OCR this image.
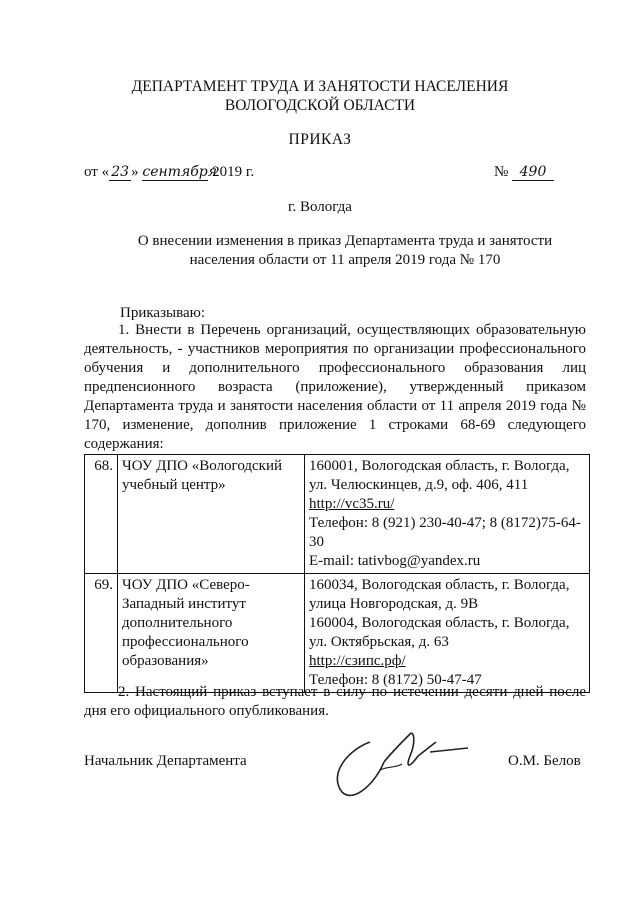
ДЕПАРТАМЕНТ ТРУДА И ЗАНЯТОСТИ НАСЕЛЕНИЯ
ВОЛОГОДСКОЙ ОБЛАСТИ
ПРИКАЗ
от « 23 » сентября 2019 г.	№ 490
г. Вологда
О внесении изменения в приказ Департамента труда и занятости
населения области от 11 апреля 2019 года № 170
Приказываю:
1. Внести в Перечень организаций, осуществляющих образовательную деятельность, - участников мероприятия по организации профессионального обучения и дополнительного профессионального образования лиц предпенсионного возраста (приложение), утвержденный приказом Департамента труда и занятости населения области от 11 апреля 2019 года № 170, изменение, дополнив приложение 1 строками 68-69 следующего содержания:
68.	ЧОУ ДПО «Вологодский учебный центр»	160001, Вологодская область, г. Вологда, ул. Челюскинцев, д.9, оф. 406, 411
http://vc35.ru/
Телефон: 8 (921) 230-40-47; 8 (8172)75-64-30
E-mail: tativbog@yandex.ru

69.	ЧОУ ДПО «Северо-Западный институт дополнительного профессионального образования»	160034, Вологодская область, г. Вологда, улица Новгородская, д. 9В
160004, Вологодская область, г. Вологда, ул. Октябрьская, д. 63
http://сзипс.рф/
Телефон: 8 (8172) 50-47-47
2. Настоящий приказ вступает в силу по истечении десяти дней после дня его официального опубликования.
Начальник Департамента	О.М. Белов
